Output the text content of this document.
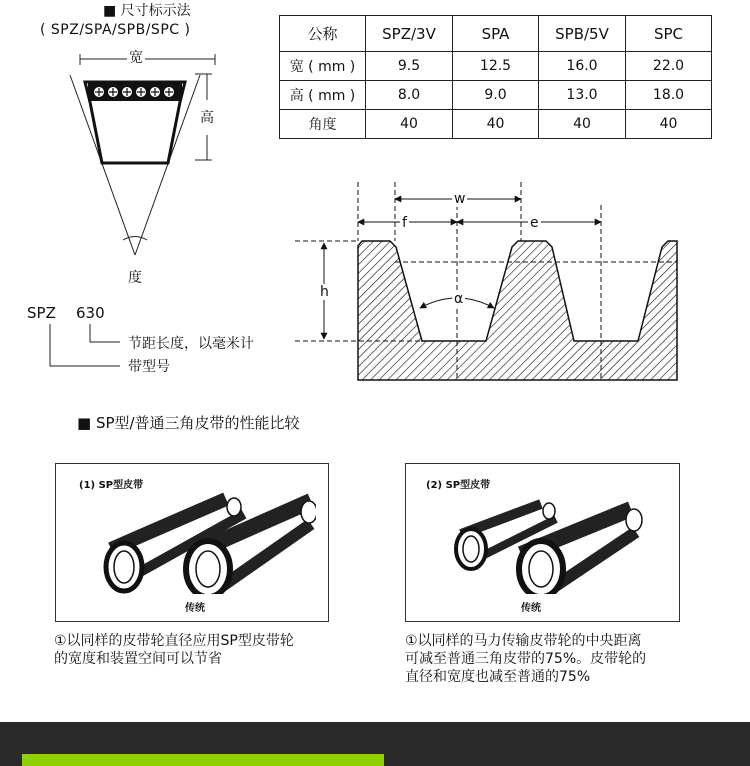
■ 尺寸标示法
( SPZ/SPA/SPB/SPC )
宽
高
度
SPZ 630
节距长度，以毫米计
带型号
公称	SPZ/3V	SPA	SPB/5V	SPC
宽 ( mm )	9.5	12.5	16.0	22.0
高 ( mm )	8.0	9.0	13.0	18.0
角度	40	40	40	40
w
f	e
h	α
■ SP型/普通三角皮带的性能比较
(1) SP型皮带
传统
(2) SP型皮带
传统
①以同样的皮带轮直径应用SP型皮带轮
的宽度和装置空间可以节省
①以同样的马力传输皮带轮的中央距离
可减至普通三角皮带的75%。皮带轮的
直径和宽度也减至普通的75%
